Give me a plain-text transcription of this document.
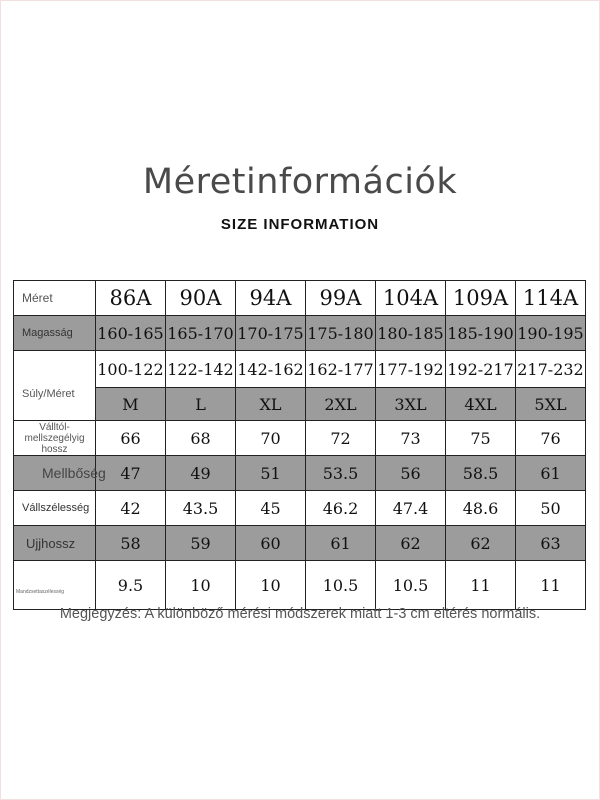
Méretinformációk
SIZE INFORMATION
Méret	86A	90A	94A	99A	104A	109A	114A
Magasság	160-165	165-170	170-175	175-180	180-185	185-190	190-195
Súly/Méret	100-122	122-142	142-162	162-177	177-192	192-217	217-232
	M	L	XL	2XL	3XL	4XL	5XL
Válltól-mellszegélyig hossz	66	68	70	72	73	75	76
Mellbőség	47	49	51	53.5	56	58.5	61
Vállszélesség	42	43.5	45	46.2	47.4	48.6	50
Ujjhossz	58	59	60	61	62	62	63
Mandzsettaszélesség	9.5	10	10	10.5	10.5	11	11
Megjegyzés: A különböző mérési módszerek miatt 1-3 cm eltérés normális.
